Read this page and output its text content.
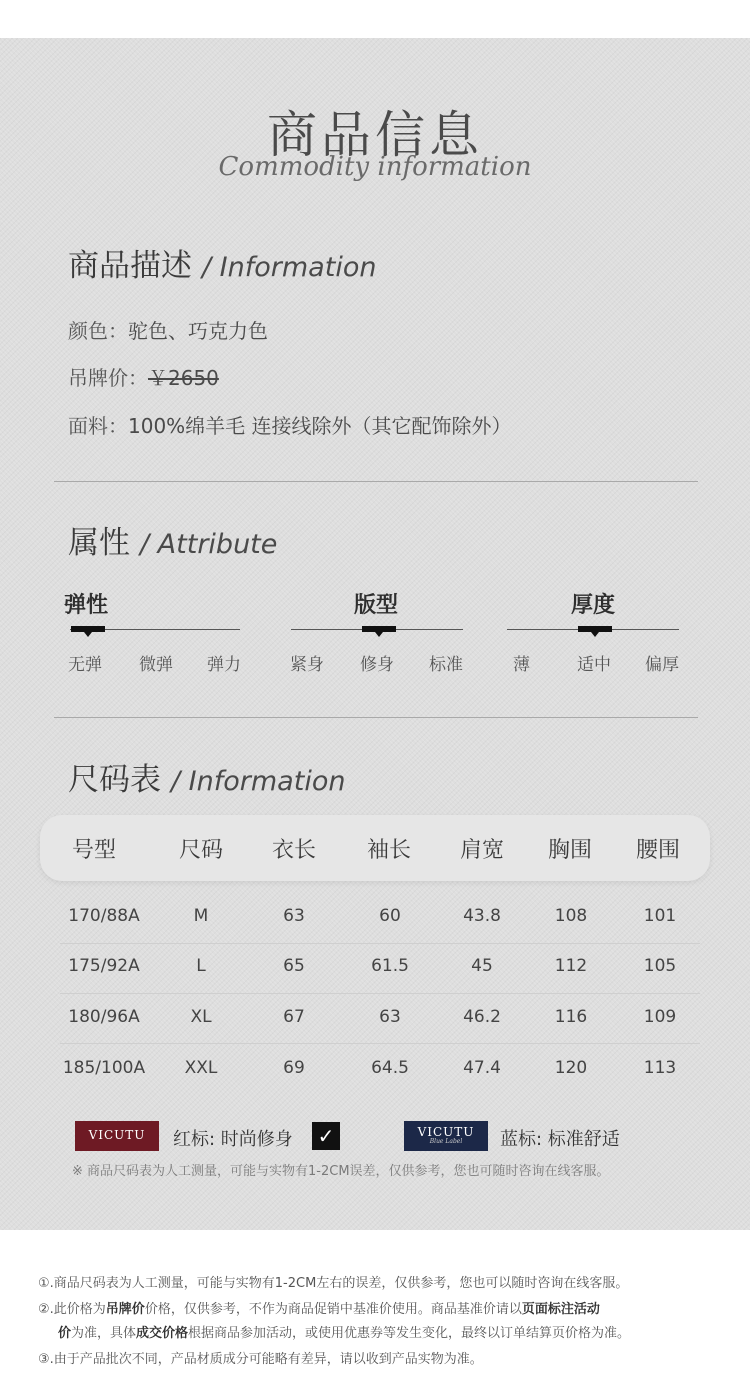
商品信息
Commodity information
商品描述 / Information
颜色：驼色、巧克力色
吊牌价：￥2650
面料：100%绵羊毛 连接线除外（其它配饰除外）
属性 / Attribute
弹性
无弹 微弹 弹力
版型
紧身 修身 标准
厚度
薄	适中 偏厚
尺码表 / Information
号型	尺码	衣长	袖长	肩宽	胸围	腰围
170/88A	M	63	60	43.8	108	101
175/92A	L	65	61.5	45	112	105
180/96A	XL	67	63	46.2	116	109
185/100A	XXL	69	64.5	47.4	120	113
VICUTU	红标: 时尚修身 ✓	VICUTU
Blue Label	蓝标: 标准舒适
※ 商品尺码表为人工测量，可能与实物有1-2CM误差，仅供参考，您也可随时咨询在线客服。
①.商品尺码表为人工测量，可能与实物有1-2CM左右的误差，仅供参考，您也可以随时咨询在线客服。
②.此价格为吊牌价价格，仅供参考，不作为商品促销中基准价使用。商品基准价请以页面标注活动
价为准，具体成交价格根据商品参加活动，或使用优惠券等发生变化，最终以订单结算页价格为准。
③.由于产品批次不同，产品材质成分可能略有差异，请以收到产品实物为准。
